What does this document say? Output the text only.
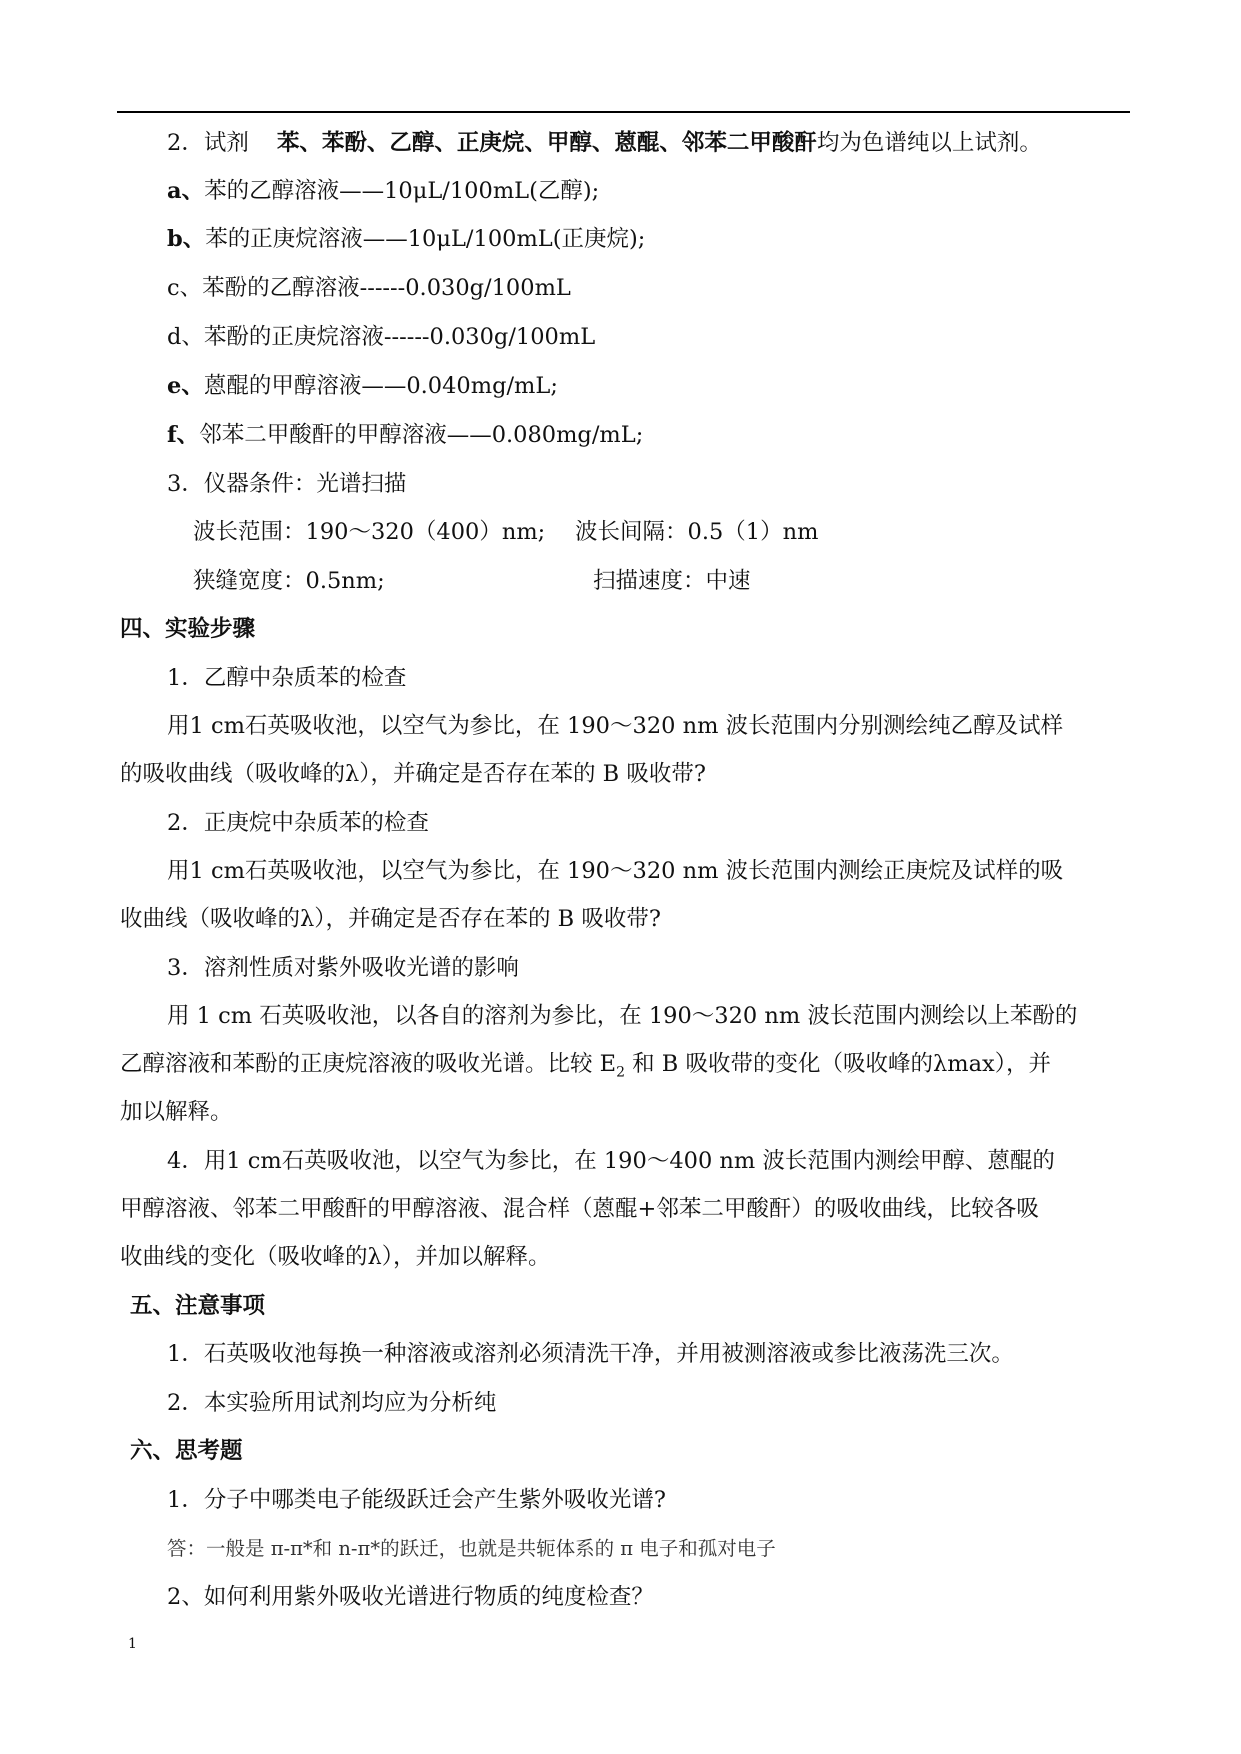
2．试剂 苯、苯酚、乙醇、正庚烷、甲醇、蒽醌、邻苯二甲酸酐均为色谱纯以上试剂。
a、苯的乙醇溶液——10μL/100mL(乙醇);
b、苯的正庚烷溶液——10μL/100mL(正庚烷);
c、苯酚的乙醇溶液------0.030g/100mL
d、苯酚的正庚烷溶液------0.030g/100mL
e、蒽醌的甲醇溶液——0.040mg/mL;
f、邻苯二甲酸酐的甲醇溶液——0.080mg/mL;
3．仪器条件：光谱扫描
波长范围：190～320（400）nm; 波长间隔：0.5（1）nm
狭缝宽度：0.5nm;	扫描速度：中速
四、实验步骤
1．乙醇中杂质苯的检查
用1 cm石英吸收池，以空气为参比，在 190～320 nm 波长范围内分别测绘纯乙醇及试样
的吸收曲线（吸收峰的λ），并确定是否存在苯的 B 吸收带?
2．正庚烷中杂质苯的检查
用1 cm石英吸收池，以空气为参比，在 190～320 nm 波长范围内测绘正庚烷及试样的吸
收曲线（吸收峰的λ），并确定是否存在苯的 B 吸收带?
3．溶剂性质对紫外吸收光谱的影响
用 1 cm 石英吸收池，以各自的溶剂为参比，在 190～320 nm 波长范围内测绘以上苯酚的
乙醇溶液和苯酚的正庚烷溶液的吸收光谱。比较 $E_2$ 和 B 吸收带的变化（吸收峰的λmax），并
加以解释。
4．用1 cm石英吸收池，以空气为参比，在 190～400 nm 波长范围内测绘甲醇、蒽醌的
甲醇溶液、邻苯二甲酸酐的甲醇溶液、混合样（蒽醌+邻苯二甲酸酐）的吸收曲线，比较各吸
收曲线的变化（吸收峰的λ），并加以解释。
五、注意事项
1．石英吸收池每换一种溶液或溶剂必须清洗干净，并用被测溶液或参比液荡洗三次。
2．本实验所用试剂均应为分析纯
六、思考题
1．分子中哪类电子能级跃迁会产生紫外吸收光谱?
答：一般是 π-π*和 n-π*的跃迁，也就是共轭体系的 π 电子和孤对电子
2、如何利用紫外吸收光谱进行物质的纯度检查？
1
